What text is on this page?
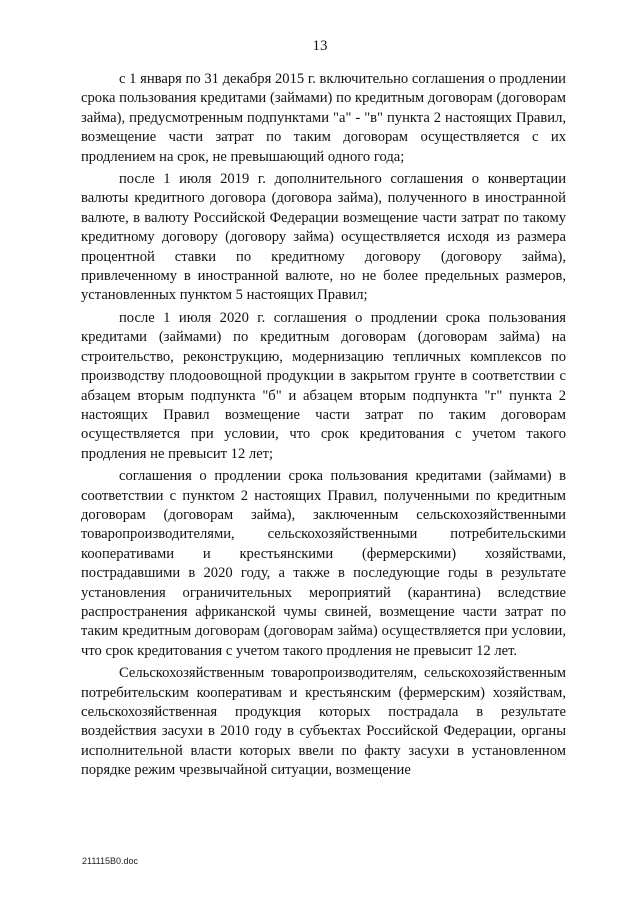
13

с 1 января по 31 декабря 2015 г. включительно соглашения о продлении срока пользования кредитами (займами) по кредитным договорам (договорам займа), предусмотренным подпунктами "а" - "в" пункта 2 настоящих Правил, возмещение части затрат по таким договорам осуществляется с их продлением на срок, не превышающий одного года;

после 1 июля 2019 г. дополнительного соглашения о конвертации валюты кредитного договора (договора займа), полученного в иностранной валюте, в валюту Российской Федерации возмещение части затрат по такому кредитному договору (договору займа) осуществляется исходя из размера процентной ставки по кредитному договору (договору займа), привлеченному в иностранной валюте, но не более предельных размеров, установленных пунктом 5 настоящих Правил;

после 1 июля 2020 г. соглашения о продлении срока пользования кредитами (займами) по кредитным договорам (договорам займа) на строительство, реконструкцию, модернизацию тепличных комплексов по производству плодоовощной продукции в закрытом грунте в соответствии с абзацем вторым подпункта "б" и абзацем вторым подпункта "г" пункта 2 настоящих Правил возмещение части затрат по таким договорам осуществляется при условии, что срок кредитования с учетом такого продления не превысит 12 лет;

соглашения о продлении срока пользования кредитами (займами) в соответствии с пунктом 2 настоящих Правил, полученными по кредитным договорам (договорам займа), заключенным сельскохозяйственными товаропроизводителями, сельскохозяйственными потребительскими кооперативами и крестьянскими (фермерскими) хозяйствами, пострадавшими в 2020 году, а также в последующие годы в результате установления ограничительных мероприятий (карантина) вследствие распространения африканской чумы свиней, возмещение части затрат по таким кредитным договорам (договорам займа) осуществляется при условии, что срок кредитования с учетом такого продления не превысит 12 лет.

Сельскохозяйственным товаропроизводителям, сельскохозяйственным потребительским кооперативам и крестьянским (фермерским) хозяйствам, сельскохозяйственная продукция которых пострадала в результате воздействия засухи в 2010 году в субъектах Российской Федерации, органы исполнительной власти которых ввели по факту засухи в установленном порядке режим чрезвычайной ситуации, возмещение

211115В0.doc
